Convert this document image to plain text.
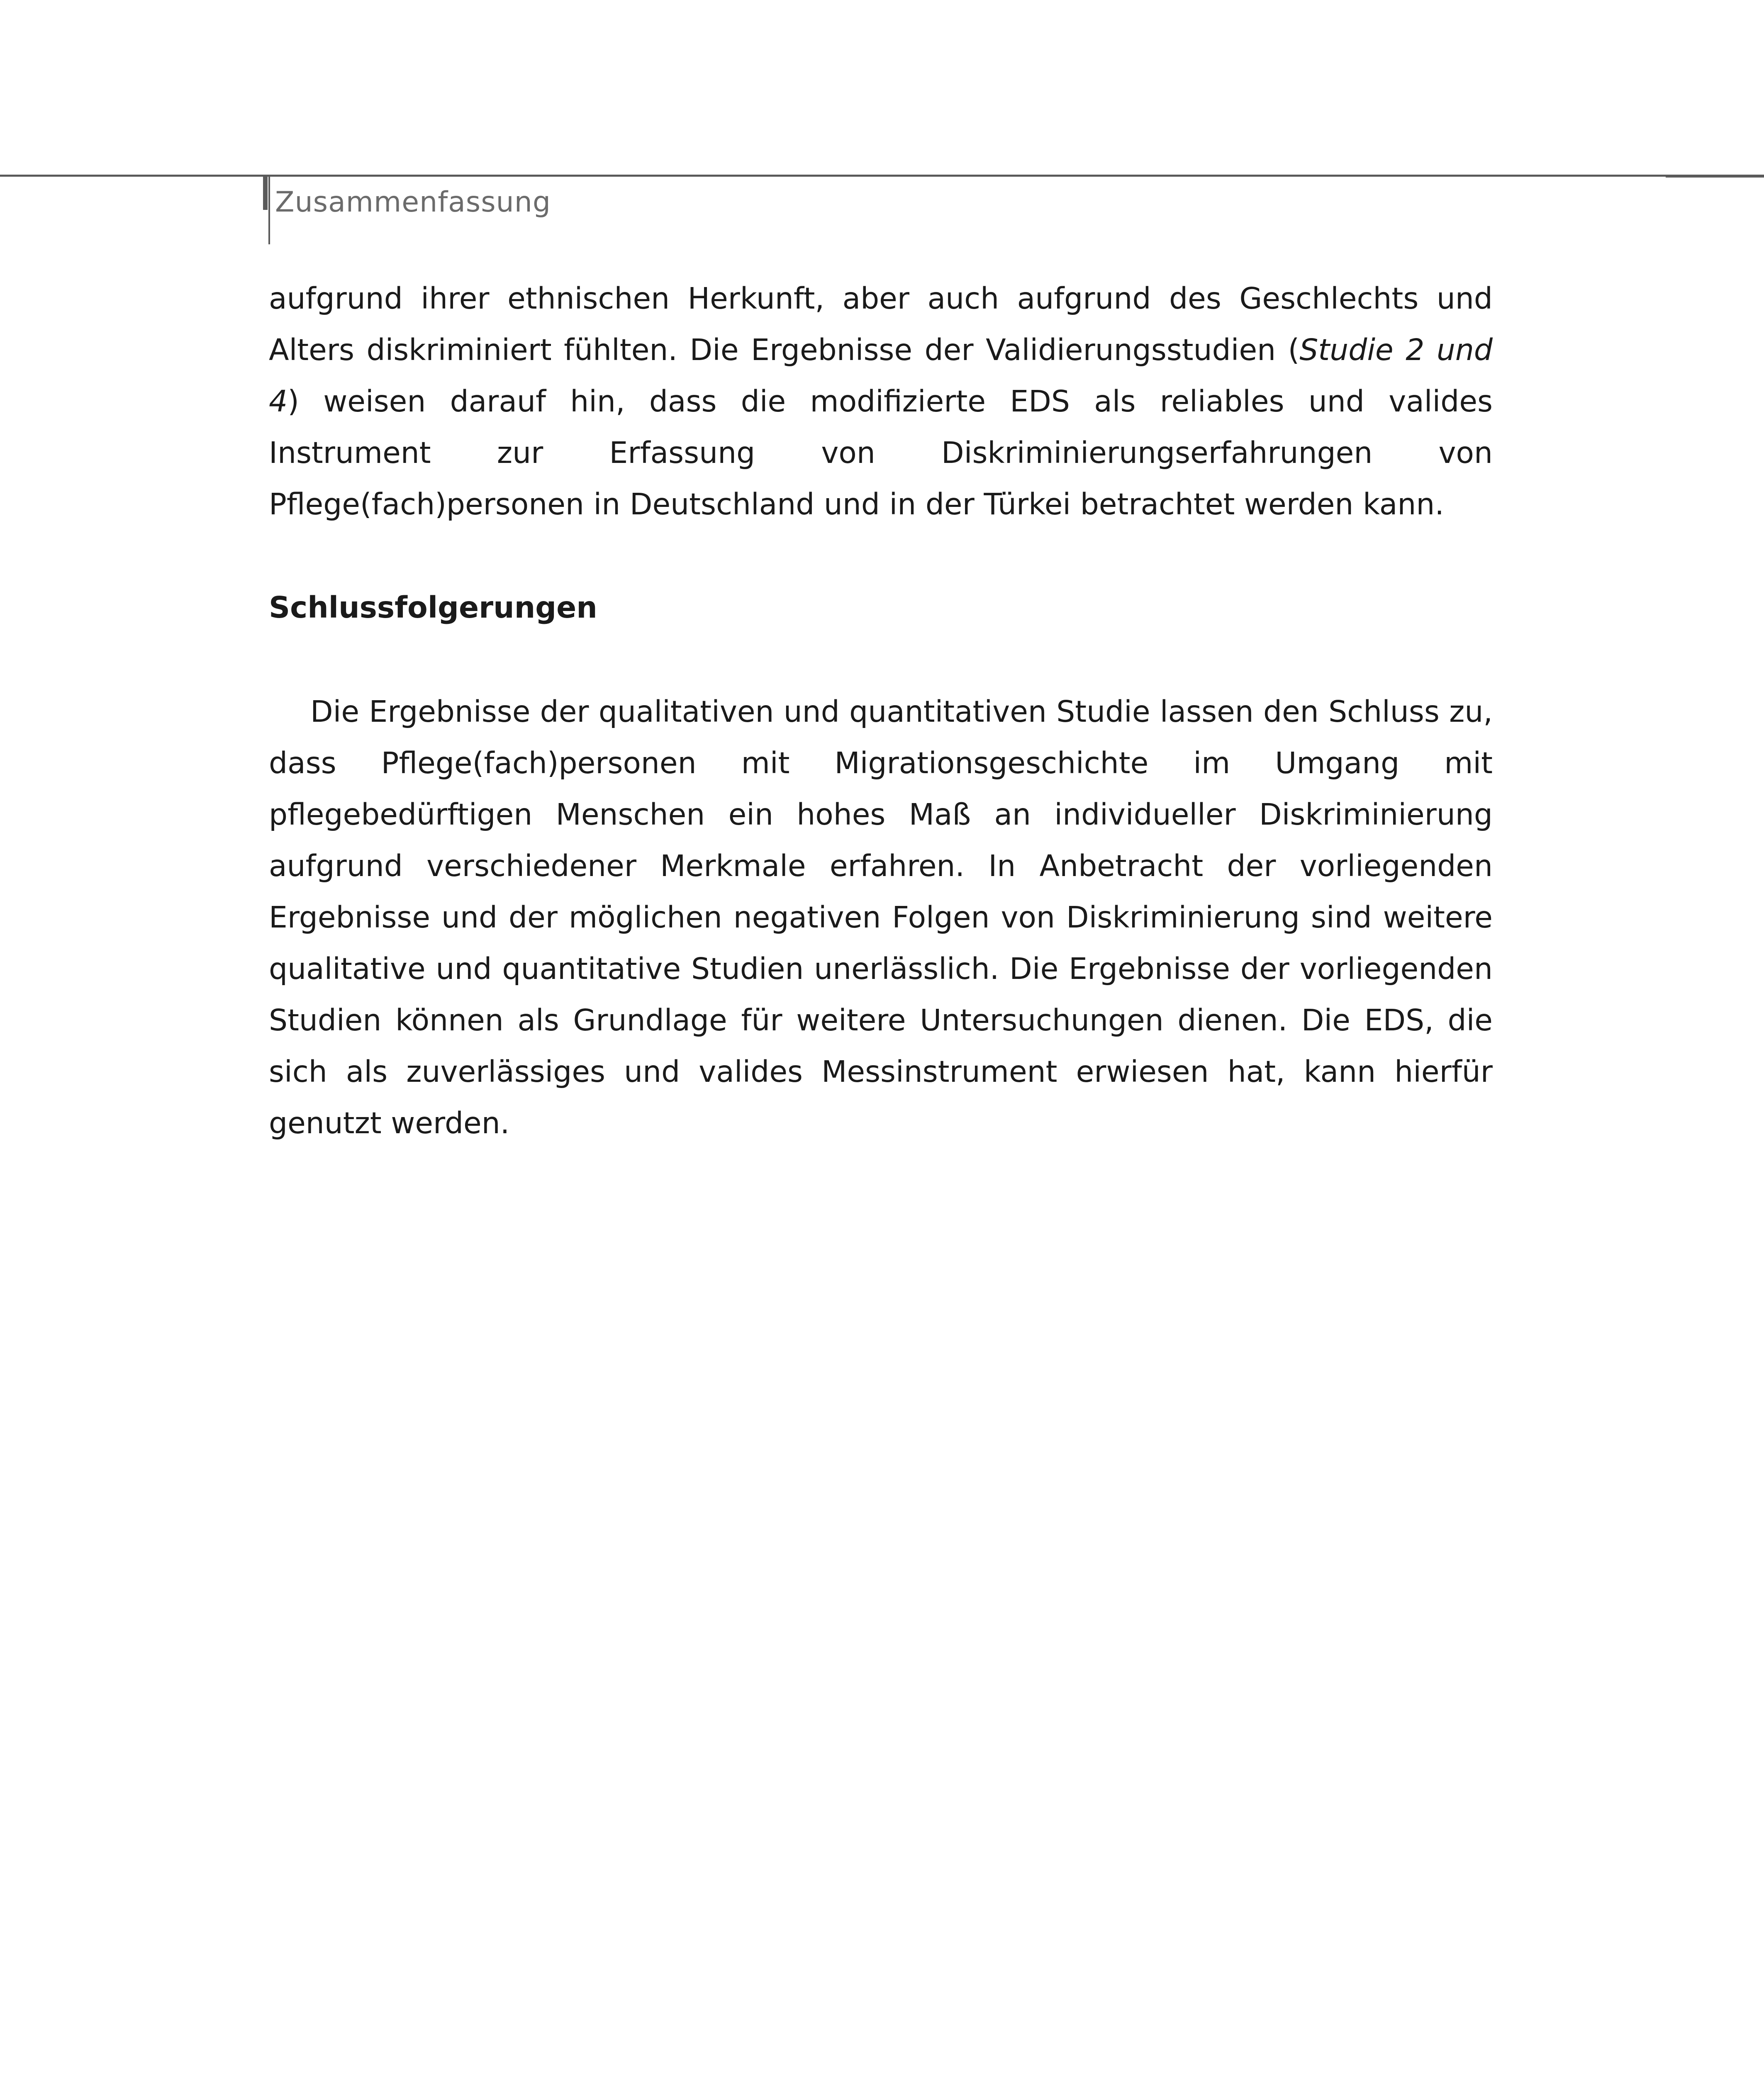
Zusammenfassung

aufgrund ihrer ethnischen Herkunft, aber auch aufgrund des Geschlechts und Alters diskriminiert fühlten. Die Ergebnisse der Validierungsstudien (Studie 2 und 4) weisen darauf hin, dass die modifizierte EDS als reliables und valides Instrument zur Erfassung von Diskriminierungserfahrungen von Pflege(fach)personen in Deutschland und in der Türkei betrachtet werden kann.

Schlussfolgerungen

Die Ergebnisse der qualitativen und quantitativen Studie lassen den Schluss zu, dass Pflege(fach)personen mit Migrationsgeschichte im Umgang mit pflegebedürftigen Menschen ein hohes Maß an individueller Diskriminierung aufgrund verschiedener Merkmale erfahren. In Anbetracht der vorliegenden Ergebnisse und der möglichen negativen Folgen von Diskriminierung sind weitere qualitative und quantitative Studien unerlässlich. Die Ergebnisse der vorliegenden Studien können als Grundlage für weitere Untersuchungen dienen. Die EDS, die sich als zuverlässiges und valides Messinstrument erwiesen hat, kann hierfür genutzt werden.
